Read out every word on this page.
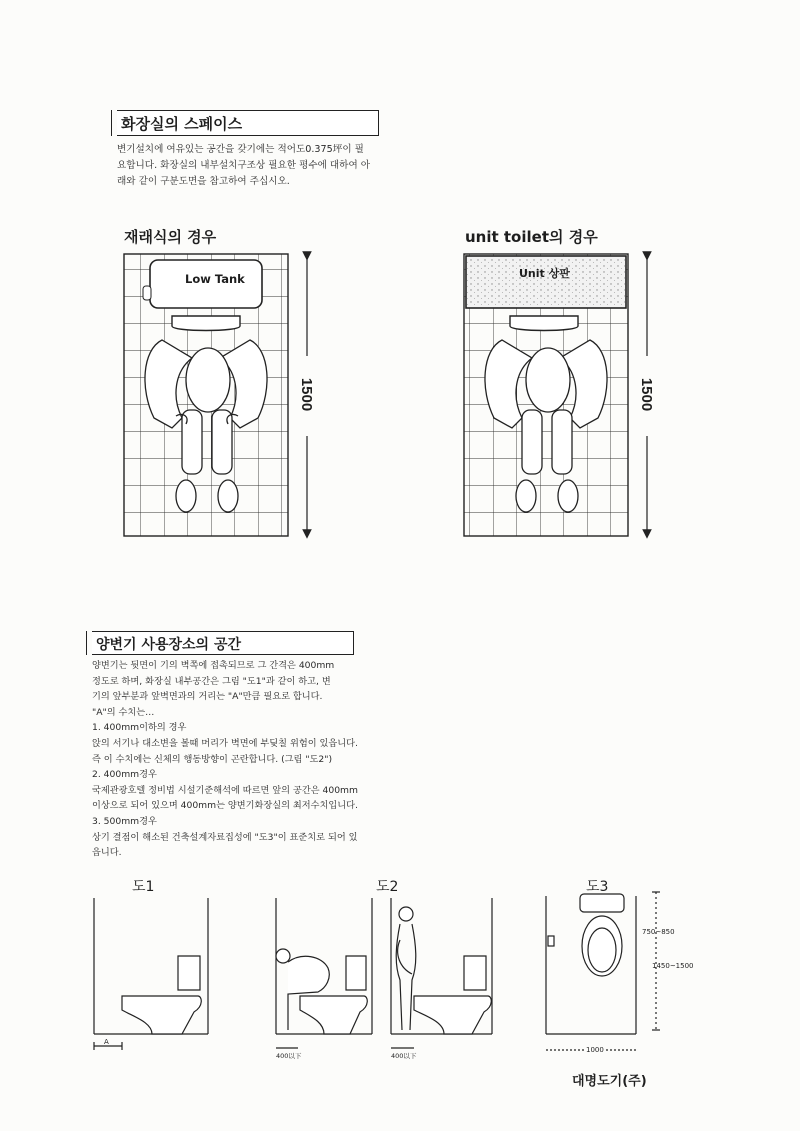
화장실의 스페이스
변기설치에 여유있는 공간을 갖기에는 적어도0.375坪이 필
요합니다. 화장실의 내부설치구조상 필요한 평수에 대하여 아
래와 같이 구분도면을 참고하여 주십시오.
재래식의 경우	unit toilet의 경우
Low Tank	Unit 상판
1500	1500
양변기 사용장소의 공간
양변기는 뒷면이 기의 벽쪽에 접촉되므로 그 간격은 400mm
정도로 하며, 화장실 내부공간은 그림 "도1"과 같이 하고, 변
기의 앞부분과 앞벽면과의 거리는 "A"만큼 필요로 합니다.
"A"의 수치는…
1. 400mm이하의 경우
앉의 서기나 대소변을 볼때 머리가 벽면에 부딪칠 위험이 있읍니다.
즉 이 수치에는 신체의 행동방향이 곤란합니다. (그림 "도2")
2. 400mm경우
국제관광호텔 정비법 시설기준해석에 따르면 앞의 공간은 400mm
이상으로 되어 있으며 400mm는 양변기화장실의 최저수치입니다.
3. 500mm경우
상기 결점이 해소된 건축설계자료집성에 "도3"이 표준치로 되어 있
읍니다.
도1
A
도2
400以下	400以下
도3
750~850
1450~1500
1000
대명도기(주)
